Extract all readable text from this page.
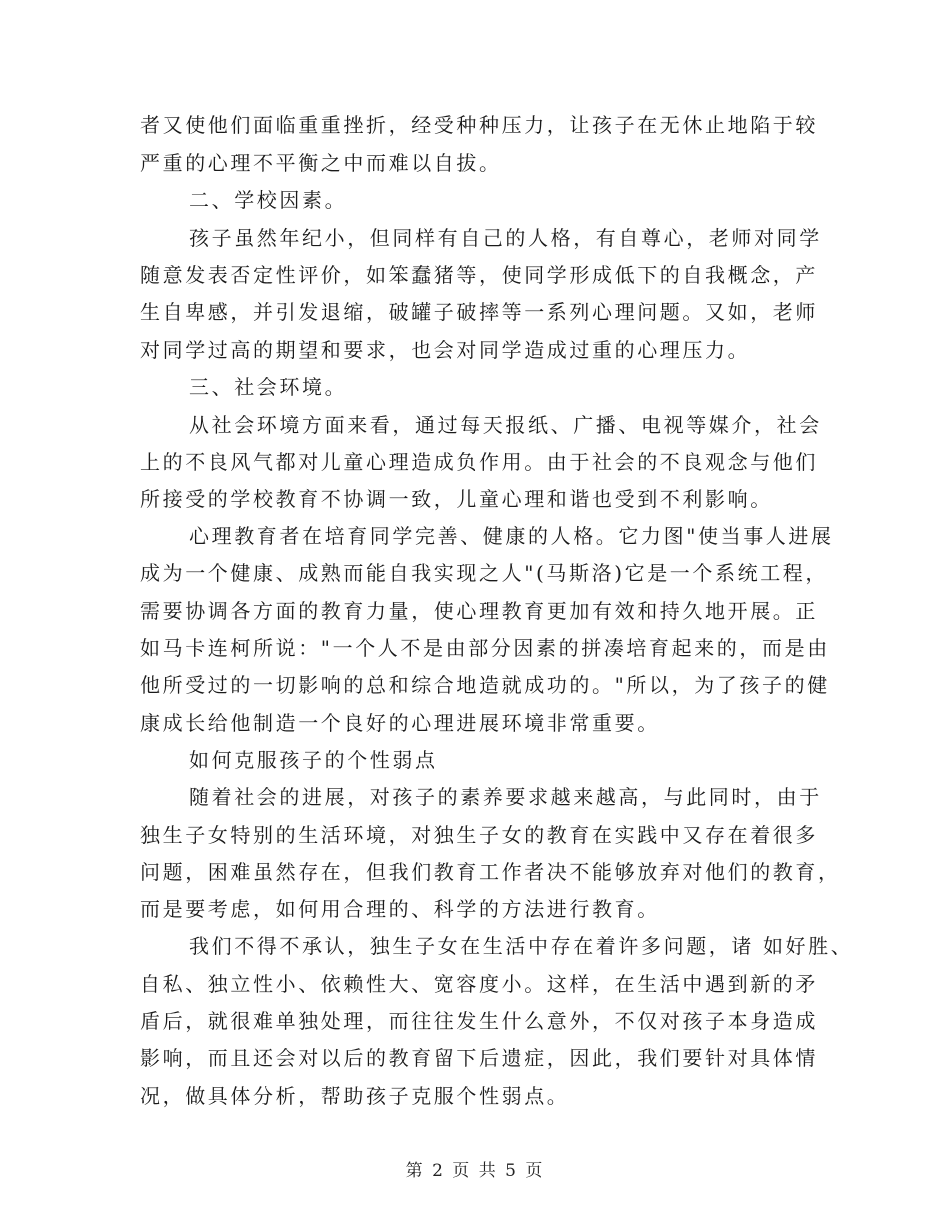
者又使他们面临重重挫折，经受种种压力，让孩子在无休止地陷于较
严重的心理不平衡之中而难以自拔。
二、学校因素。
孩子虽然年纪小，但同样有自己的人格，有自尊心，老师对同学
随意发表否定性评价，如笨蠢猪等，使同学形成低下的自我概念，产
生自卑感，并引发退缩，破罐子破摔等一系列心理问题。又如，老师
对同学过高的期望和要求，也会对同学造成过重的心理压力。
三、社会环境。
从社会环境方面来看，通过每天报纸、广播、电视等媒介，社会
上的不良风气都对儿童心理造成负作用。由于社会的不良观念与他们
所接受的学校教育不协调一致，儿童心理和谐也受到不利影响。
心理教育者在培育同学完善、健康的人格。它力图"使当事人进展
成为一个健康、成熟而能自我实现之人"(马斯洛)它是一个系统工程，
需要协调各方面的教育力量，使心理教育更加有效和持久地开展。正
如马卡连柯所说："一个人不是由部分因素的拼凑培育起来的，而是由
他所受过的一切影响的总和综合地造就成功的。"所以，为了孩子的健
康成长给他制造一个良好的心理进展环境非常重要。
如何克服孩子的个性弱点
随着社会的进展，对孩子的素养要求越来越高，与此同时，由于
独生子女特别的生活环境，对独生子女的教育在实践中又存在着很多
问题，困难虽然存在，但我们教育工作者决不能够放弃对他们的教育，
而是要考虑，如何用合理的、科学的方法进行教育。
我们不得不承认，独生子女在生活中存在着许多问题，诸 如好胜、
自私、独立性小、依赖性大、宽容度小。这样，在生活中遇到新的矛
盾后，就很难单独处理，而往往发生什么意外，不仅对孩子本身造成
影响，而且还会对以后的教育留下后遗症，因此，我们要针对具体情
况，做具体分析，帮助孩子克服个性弱点。
第 2 页 共 5 页
